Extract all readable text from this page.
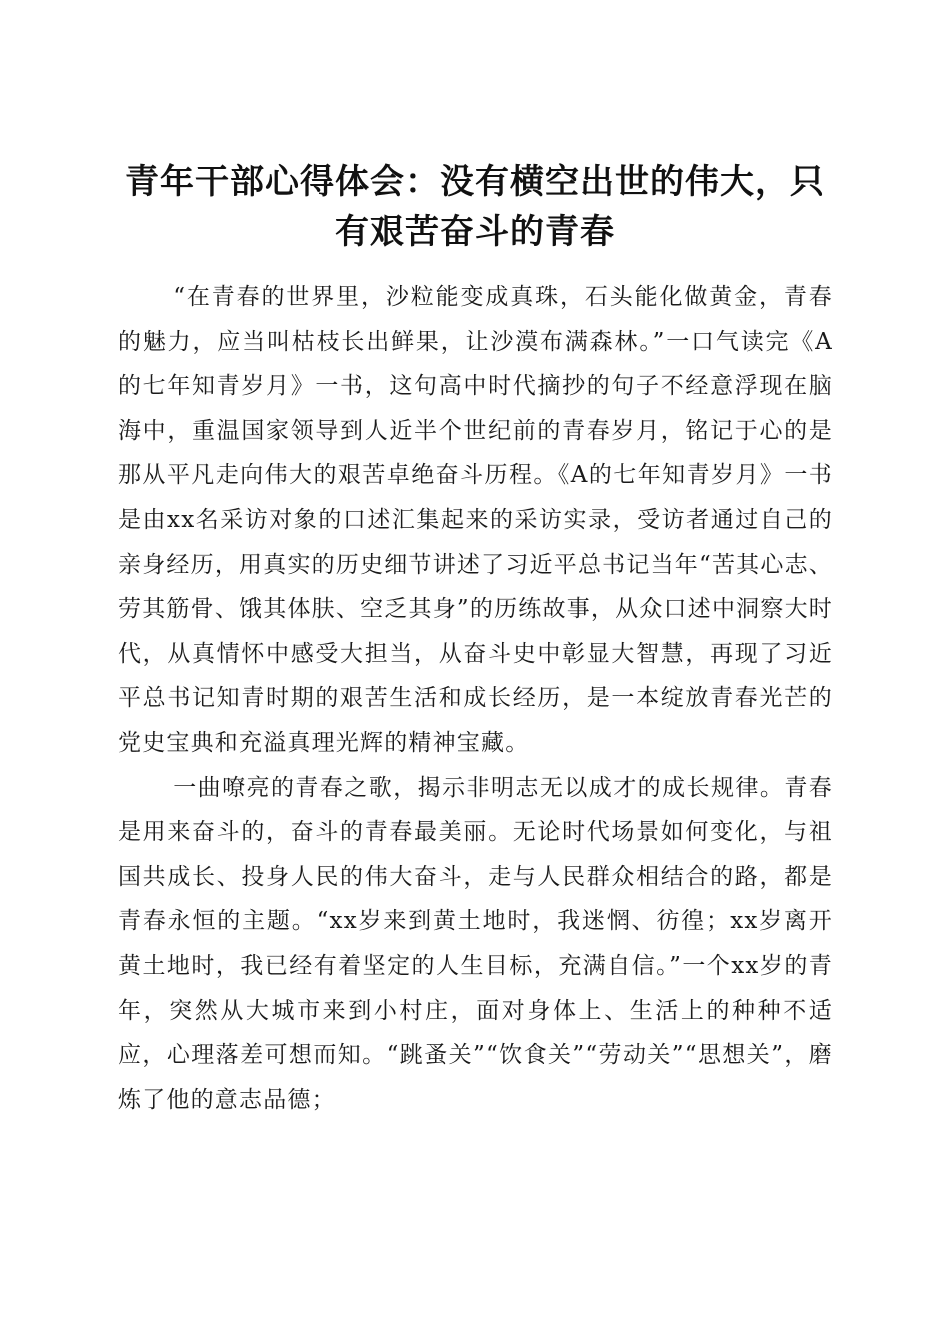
青年干部心得体会：没有横空出世的伟大，只有艰苦奋斗的青春

“在青春的世界里，沙粒能变成真珠，石头能化做黄金，青春的魅力，应当叫枯枝长出鲜果，让沙漠布满森林。”一口气读完《A的七年知青岁月》一书，这句高中时代摘抄的句子不经意浮现在脑海中，重温国家领导到人近半个世纪前的青春岁月，铭记于心的是那从平凡走向伟大的艰苦卓绝奋斗历程。《A的七年知青岁月》一书是由xx名采访对象的口述汇集起来的采访实录，受访者通过自己的亲身经历，用真实的历史细节讲述了习近平总书记当年“苦其心志、劳其筋骨、饿其体肤、空乏其身”的历练故事，从众口述中洞察大时代，从真情怀中感受大担当，从奋斗史中彰显大智慧，再现了习近平总书记知青时期的艰苦生活和成长经历，是一本绽放青春光芒的党史宝典和充溢真理光辉的精神宝藏。

一曲嘹亮的青春之歌，揭示非明志无以成才的成长规律。青春是用来奋斗的，奋斗的青春最美丽。无论时代场景如何变化，与祖国共成长、投身人民的伟大奋斗，走与人民群众相结合的路，都是青春永恒的主题。“xx岁来到黄土地时，我迷惘、彷徨；xx岁离开黄土地时，我已经有着坚定的人生目标，充满自信。”一个xx岁的青年，突然从大城市来到小村庄，面对身体上、生活上的种种不适应，心理落差可想而知。“跳蚤关”“饮食关”“劳动关”“思想关”，磨炼了他的意志品德；
